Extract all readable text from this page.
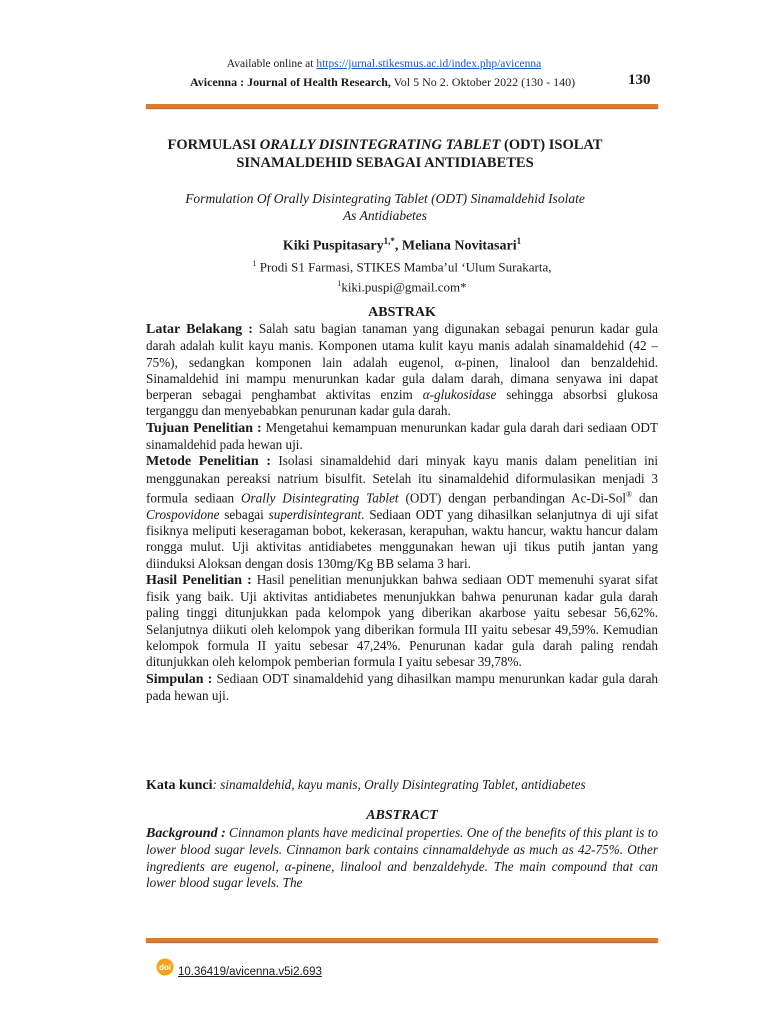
Available online at https://jurnal.stikesmus.ac.id/index.php/avicenna
Avicenna : Journal of Health Research, Vol 5 No 2. Oktober 2022 (130 - 140)	130
FORMULASI ORALLY DISINTEGRATING TABLET (ODT) ISOLAT
SINAMALDEHID SEBAGAI ANTIDIABETES
Formulation Of Orally Disintegrating Tablet (ODT) Sinamaldehid Isolate
As Antidiabetes
Kiki Puspitasary$^{1,*}$, Meliana Novitasari$^1$
$^1$ Prodi S1 Farmasi, STIKES Mamba’ul ‘Ulum Surakarta,
$^1$kiki.puspi@gmail.com*
ABSTRAK

Latar Belakang : Salah satu bagian tanaman yang digunakan sebagai penurun kadar gula darah adalah kulit kayu manis. Komponen utama kulit kayu manis adalah sinamaldehid (42 – 75%), sedangkan komponen lain adalah eugenol, α-pinen, linalool dan benzaldehid. Sinamaldehid ini mampu menurunkan kadar gula dalam darah, dimana senyawa ini dapat berperan sebagai penghambat aktivitas enzim α-glukosidase sehingga absorbsi glukosa terganggu dan menyebabkan penurunan kadar gula darah.

Tujuan Penelitian : Mengetahui kemampuan menurunkan kadar gula darah dari sediaan ODT sinamaldehid pada hewan uji.

Metode Penelitian : Isolasi sinamaldehid dari minyak kayu manis dalam penelitian ini menggunakan pereaksi natrium bisulfit. Setelah itu sinamaldehid diformulasikan menjadi 3 formula sediaan Orally Disintegrating Tablet (ODT) dengan perbandingan Ac-Di-Sol® dan Crospovidone sebagai superdisintegrant. Sediaan ODT yang dihasilkan selanjutnya di uji sifat fisiknya meliputi keseragaman bobot, kekerasan, kerapuhan, waktu hancur, waktu hancur dalam rongga mulut. Uji aktivitas antidiabetes menggunakan hewan uji tikus putih jantan yang diinduksi Aloksan dengan dosis 130mg/Kg BB selama 3 hari.

Hasil Penelitian : Hasil penelitian menunjukkan bahwa sediaan ODT memenuhi syarat sifat fisik yang baik. Uji aktivitas antidiabetes menunjukkan bahwa penurunan kadar gula darah paling tinggi ditunjukkan pada kelompok yang diberikan akarbose yaitu sebesar 56,62%. Selanjutnya diikuti oleh kelompok yang diberikan formula III yaitu sebesar 49,59%. Kemudian kelompok formula II yaitu sebesar 47,24%. Penurunan kadar gula darah paling rendah ditunjukkan oleh kelompok pemberian formula I yaitu sebesar 39,78%.

Simpulan : Sediaan ODT sinamaldehid yang dihasilkan mampu menurunkan kadar gula darah pada hewan uji.

Kata kunci: sinamaldehid, kayu manis, Orally Disintegrating Tablet, antidiabetes
ABSTRACT
Background : Cinnamon plants have medicinal properties. One of the benefits of this plant is to lower blood sugar levels. Cinnamon bark contains cinnamaldehyde as much as 42-75%. Other ingredients are eugenol, α-pinene, linalool and benzaldehyde. The main compound that can lower blood sugar levels. The
doi 10.36419/avicenna.v5i2.693
